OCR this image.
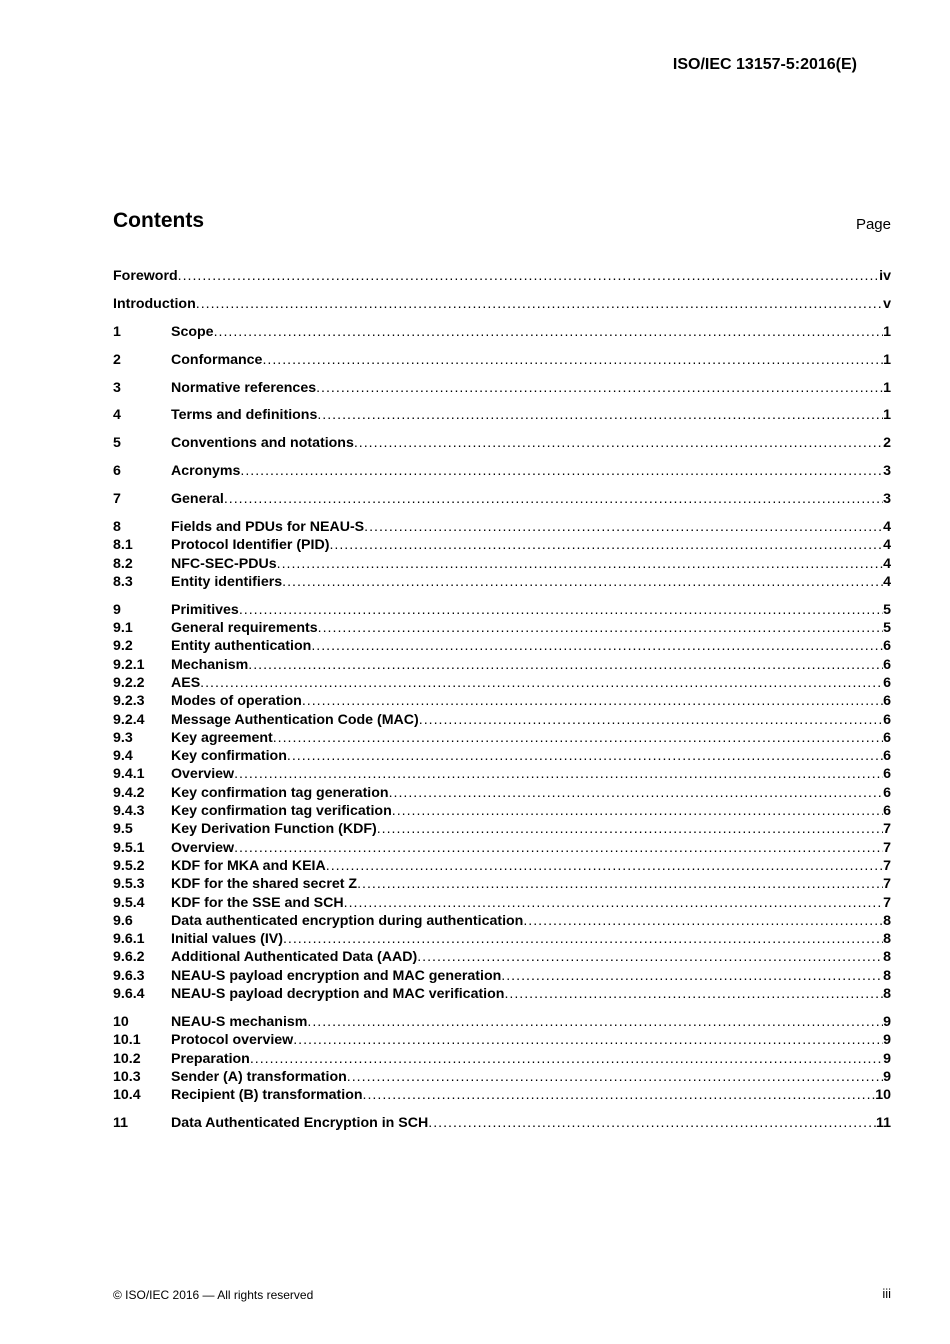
ISO/IEC 13157-5:2016(E)
Contents	Page
Foreword .....	iv
Introduction .....	v
1	Scope .....	1
2	Conformance .....	1
3	Normative references .....	1
4	Terms and definitions .....	1
5	Conventions and notations .....	2
6	Acronyms .....	3
7	General .....	3
8	Fields and PDUs for NEAU-S .....	4
8.1	Protocol Identifier (PID) .....	4
8.2	NFC-SEC-PDUs .....	4
8.3	Entity identifiers .....	4
9	Primitives .....	5
9.1	General requirements .....	5
9.2	Entity authentication .....	6
9.2.1	Mechanism .....	6
9.2.2	AES .....	6
9.2.3	Modes of operation .....	6
9.2.4	Message Authentication Code (MAC) .....	6
9.3	Key agreement .....	6
9.4	Key confirmation .....	6
9.4.1	Overview .....	6
9.4.2	Key confirmation tag generation .....	6
9.4.3	Key confirmation tag verification .....	6
9.5	Key Derivation Function (KDF) .....	7
9.5.1	Overview .....	7
9.5.2	KDF for MKA and KEIA .....	7
9.5.3	KDF for the shared secret Z .....	7
9.5.4	KDF for the SSE and SCH .....	7
9.6	Data authenticated encryption during authentication .....	8
9.6.1	Initial values (IV) .....	8
9.6.2	Additional Authenticated Data (AAD) .....	8
9.6.3	NEAU-S payload encryption and MAC generation .....	8
9.6.4	NEAU-S payload decryption and MAC verification .....	8
10	NEAU-S mechanism .....	9
10.1	Protocol overview .....	9
10.2	Preparation .....	9
10.3	Sender (A) transformation .....	9
10.4	Recipient (B) transformation .....	10
11	Data Authenticated Encryption in SCH .....	11
© ISO/IEC 2016 — All rights reserved	iii
